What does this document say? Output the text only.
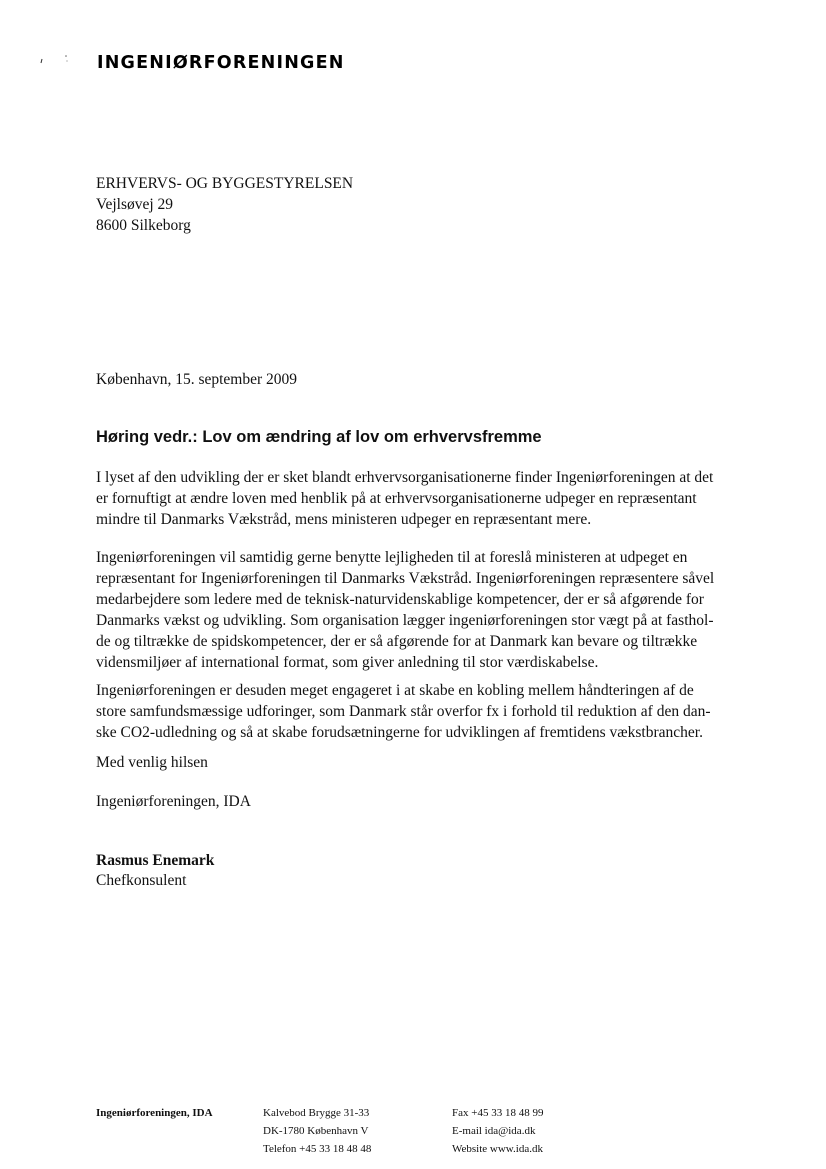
INGENIØRFORENINGEN
ERHVERVS- OG BYGGESTYRELSEN
Vejlsøvej 29
8600 Silkeborg
København, 15. september 2009
Høring vedr.: Lov om ændring af lov om erhvervsfremme
I lyset af den udvikling der er sket blandt erhvervsorganisationerne finder Ingeniørforeningen at det
er fornuftigt at ændre loven med henblik på at erhvervsorganisationerne udpeger en repræsentant
mindre til Danmarks Vækstråd, mens ministeren udpeger en repræsentant mere.
Ingeniørforeningen vil samtidig gerne benytte lejligheden til at foreslå ministeren at udpeget en
repræsentant for Ingeniørforeningen til Danmarks Vækstråd. Ingeniørforeningen repræsentere såvel
medarbejdere som ledere med de teknisk-naturvidenskablige kompetencer, der er så afgørende for
Danmarks vækst og udvikling. Som organisation lægger ingeniørforeningen stor vægt på at fasthol-
de og tiltrække de spidskompetencer, der er så afgørende for at Danmark kan bevare og tiltrække
vidensmiljøer af international format, som giver anledning til stor værdiskabelse.
Ingeniørforeningen er desuden meget engageret i at skabe en kobling mellem håndteringen af de
store samfundsmæssige udforinger, som Danmark står overfor fx i forhold til reduktion af den dan-
ske CO2-udledning og så at skabe forudsætningerne for udviklingen af fremtidens vækstbrancher.
Med venlig hilsen
Ingeniørforeningen, IDA
Rasmus Enemark
Chefkonsulent
Ingeniørforeningen, IDA	Kalvebod Brygge 31-33
DK-1780 København V
Telefon +45 33 18 48 48
Fax +45 33 18 48 99
E-mail ida@ida.dk
Website www.ida.dk
